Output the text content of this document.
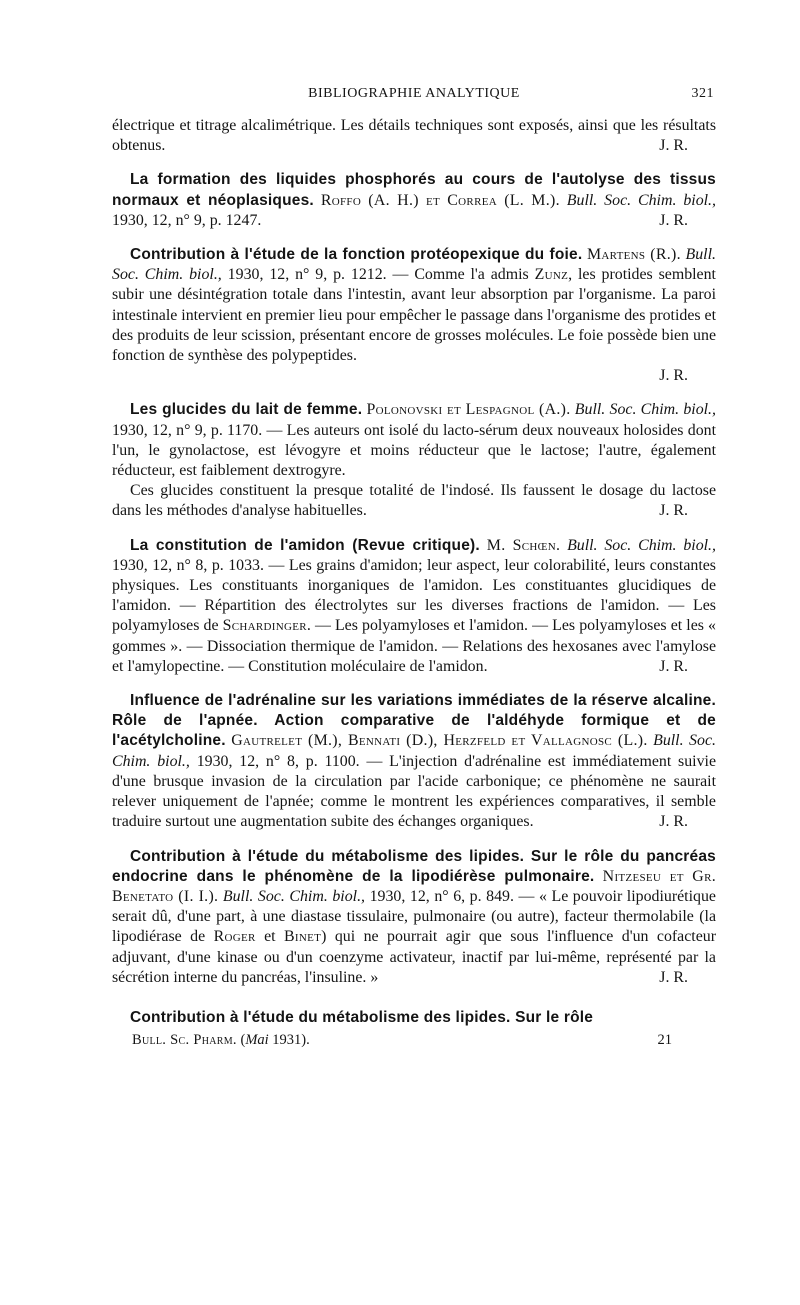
BIBLIOGRAPHIE ANALYTIQUE	321

électrique et titrage alcalimétrique. Les détails techniques sont exposés, ainsi que les résultats obtenus.	J. R.

La formation des liquides phosphorés au cours de l'autolyse des tissus normaux et néoplasiques. Roffo (A. H.) et Correa (L. M.). Bull. Soc. Chim. biol., 1930, 12, n° 9, p. 1247.	J. R.

Contribution à l'étude de la fonction protéopexique du foie. Martens (R.). Bull. Soc. Chim. biol., 1930, 12, n° 9, p. 1212. — Comme l'a admis Zunz, les protides semblent subir une désintégration totale dans l'intestin, avant leur absorption par l'organisme. La paroi intestinale intervient en premier lieu pour empêcher le passage dans l'organisme des protides et des produits de leur scission, présentant encore de grosses molécules. Le foie possède bien une fonction de synthèse des polypeptides.

J. R.

Les glucides du lait de femme. Polonovski et Lespagnol (A.). Bull. Soc. Chim. biol., 1930, 12, n° 9, p. 1170. — Les auteurs ont isolé du lacto-sérum deux nouveaux holosides dont l'un, le gynolactose, est lévogyre et moins réducteur que le lactose; l'autre, également réducteur, est faiblement dextrogyre.

Ces glucides constituent la presque totalité de l'indosé. Ils faussent le dosage du lactose dans les méthodes d'analyse habituelles.	J. R.

La constitution de l'amidon (Revue critique). M. Schœn. Bull. Soc. Chim. biol., 1930, 12, n° 8, p. 1033. — Les grains d'amidon; leur aspect, leur colorabilité, leurs constantes physiques. Les constituants inorganiques de l'amidon. Les constituantes glucidiques de l'amidon. — Répartition des électrolytes sur les diverses fractions de l'amidon. — Les polyamyloses de Schardinger. — Les polyamyloses et l'amidon. — Les polyamyloses et les « gommes ». — Dissociation thermique de l'amidon. — Relations des hexosanes avec l'amylose et l'amylopectine. — Constitution moléculaire de l'amidon.	J. R.

Influence de l'adrénaline sur les variations immédiates de la réserve alcaline. Rôle de l'apnée. Action comparative de l'aldéhyde formique et de l'acétylcholine. Gautrelet (M.), Bennati (D.), Herzfeld et Vallagnosc (L.). Bull. Soc. Chim. biol., 1930, 12, n° 8, p. 1100. — L'injection d'adrénaline est immédiatement suivie d'une brusque invasion de la circulation par l'acide carbonique; ce phénomène ne saurait relever uniquement de l'apnée; comme le montrent les expériences comparatives, il semble traduire surtout une augmentation subite des échanges organiques.	J. R.

Contribution à l'étude du métabolisme des lipides. Sur le rôle du pancréas endocrine dans le phénomène de la lipodiérèse pulmonaire. Nitzeseu et Gr. Benetato (I. I.). Bull. Soc. Chim. biol., 1930, 12, n° 6, p. 849. — « Le pouvoir lipodiurétique serait dû, d'une part, à une diastase tissulaire, pulmonaire (ou autre), facteur thermolabile (la lipodiérase de Roger et Binet) qui ne pourrait agir que sous l'influence d'un cofacteur adjuvant, d'une kinase ou d'un coenzyme activateur, inactif par lui-même, représenté par la sécrétion interne du pancréas, l'insuline. »	J. R.

Contribution à l'étude du métabolisme des lipides. Sur le rôle

Bull. Sc. Pharm. (Mai 1931).	21
